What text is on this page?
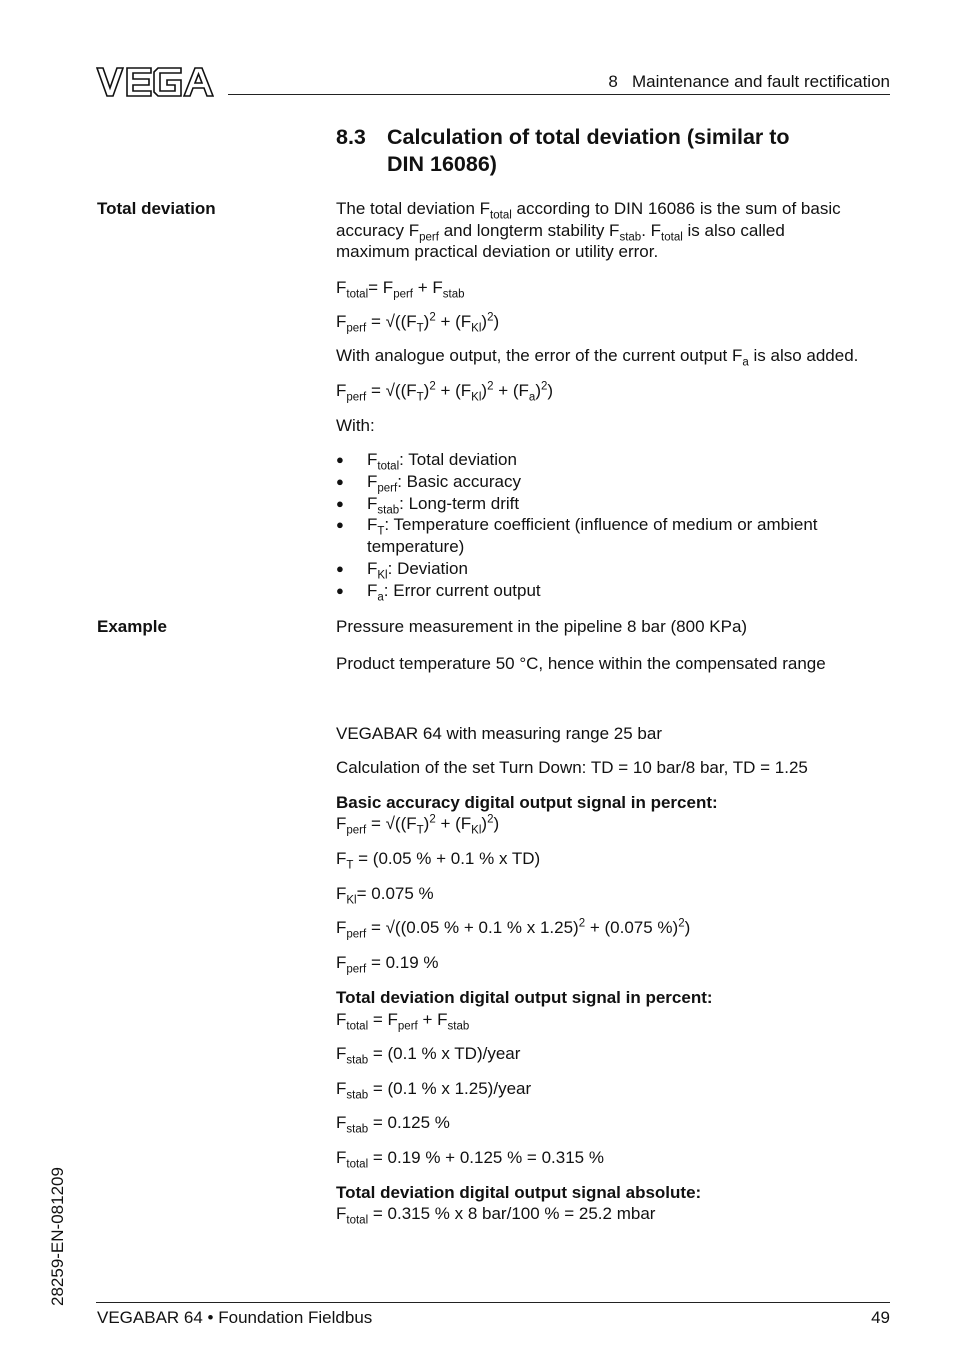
8   Maintenance and fault rectification
8.3 Calculation of total deviation (similar to
DIN 16086)
Total deviation
Example
The total deviation $F_{total}$ according to DIN 16086 is the sum of basic
accuracy $F_{perf}$ and longterm stability $F_{stab}$. $F_{total}$ is also called
maximum practical deviation or utility error.
$F_{total}= F_{perf} + F_{stab}$
$F_{perf} = √((F_T)^2 + (F_{Kl})^2)$
With analogue output, the error of the current output $F_a$ is also added.
$F_{perf} = √((F_T)^2 + (F_{Kl})^2 + (F_a)^2)$
With:
● $F_{total}$: Total deviation
● $F_{perf}$: Basic accuracy
● $F_{stab}$: Long-term drift
● $F_T$: Temperature coefficient (influence of medium or ambient
temperature)
● $F_{Kl}$: Deviation
● $F_a$: Error current output
Pressure measurement in the pipeline 8 bar (800 KPa)
Product temperature 50 °C, hence within the compensated range
VEGABAR 64 with measuring range 25 bar
Calculation of the set Turn Down: TD = 10 bar/8 bar, TD = 1.25
Basic accuracy digital output signal in percent:
$F_{perf} = √((F_T)^2 + (F_{Kl})^2)$
$F_T = (0.05$ % + 0.1 % x TD)
$F_{Kl}= 0.075$ %
$F_{perf} = √((0.05$ % + 0.1 % x 1.25)$^2$ + (0.075 %)$^2$)
$F_{perf} = 0.19$ %
Total deviation digital output signal in percent:
$F_{total} = F_{perf} + F_{stab}$
$F_{stab} = (0.1$ % x TD)/year
$F_{stab} = (0.1$ % x 1.25)/year
$F_{stab} = 0.125$ %
$F_{total} = 0.19$ % + 0.125 % = 0.315 %
Total deviation digital output signal absolute:
$F_{total} = 0.315$ % x 8 bar/100 % = 25.2 mbar
28259-EN-081209
VEGABAR 64 • Foundation Fieldbus	49
